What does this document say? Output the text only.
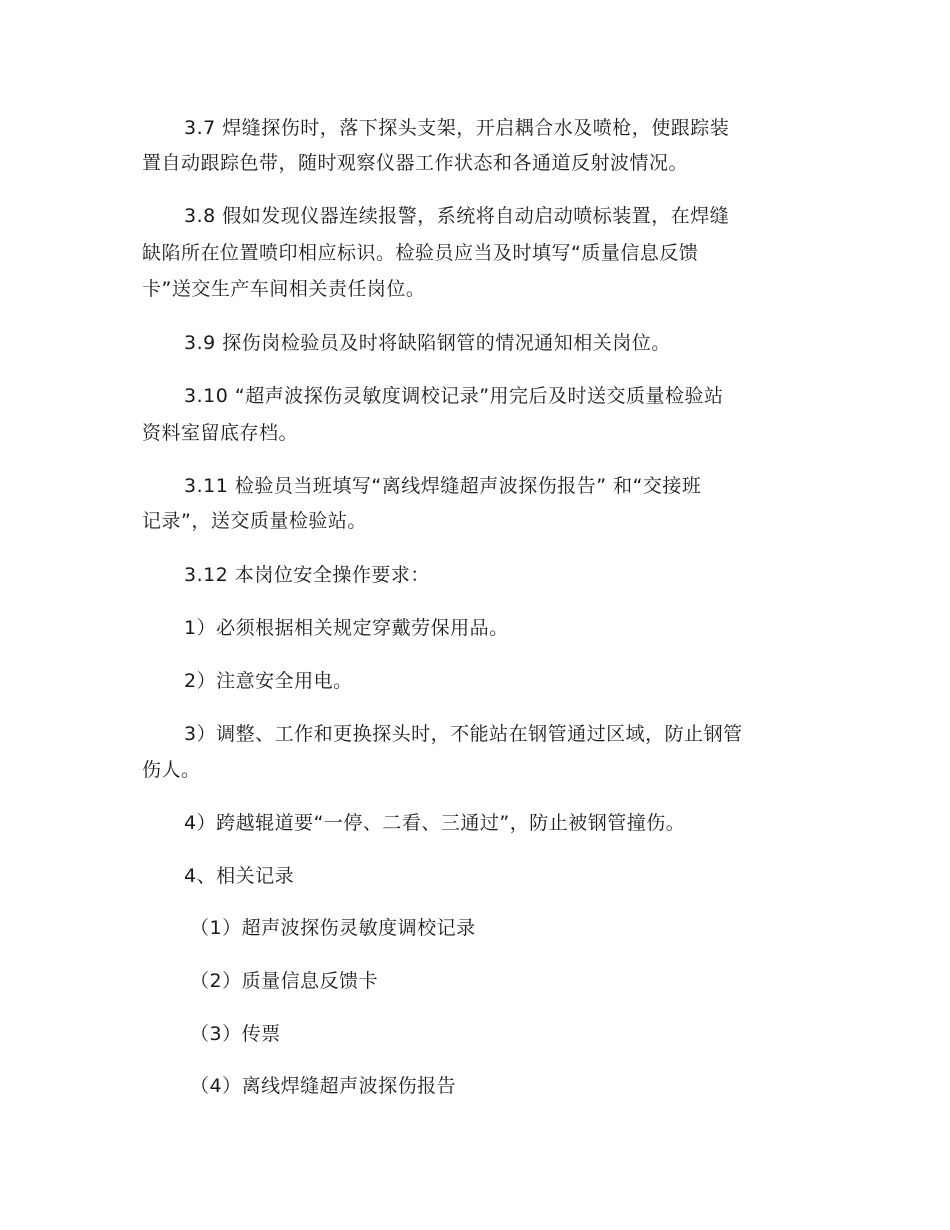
3.7 焊缝探伤时，落下探头支架，开启耦合水及喷枪，使跟踪装
置自动跟踪色带，随时观察仪器工作状态和各通道反射波情况。
3.8 假如发现仪器连续报警，系统将自动启动喷标装置，在焊缝
缺陷所在位置喷印相应标识。检验员应当及时填写“质量信息反馈
卡”送交生产车间相关责任岗位。
3.9 探伤岗检验员及时将缺陷钢管的情况通知相关岗位。
3.10 “超声波探伤灵敏度调校记录”用完后及时送交质量检验站
资料室留底存档。
3.11 检验员当班填写“离线焊缝超声波探伤报告” 和“交接班
记录”，送交质量检验站。
3.12 本岗位安全操作要求：
1）必须根据相关规定穿戴劳保用品。
2）注意安全用电。
3）调整、工作和更换探头时，不能站在钢管通过区域，防止钢管
伤人。
4）跨越辊道要“一停、二看、三通过”，防止被钢管撞伤。
4、相关记录
（1）超声波探伤灵敏度调校记录
（2）质量信息反馈卡
（3）传票
（4）离线焊缝超声波探伤报告
